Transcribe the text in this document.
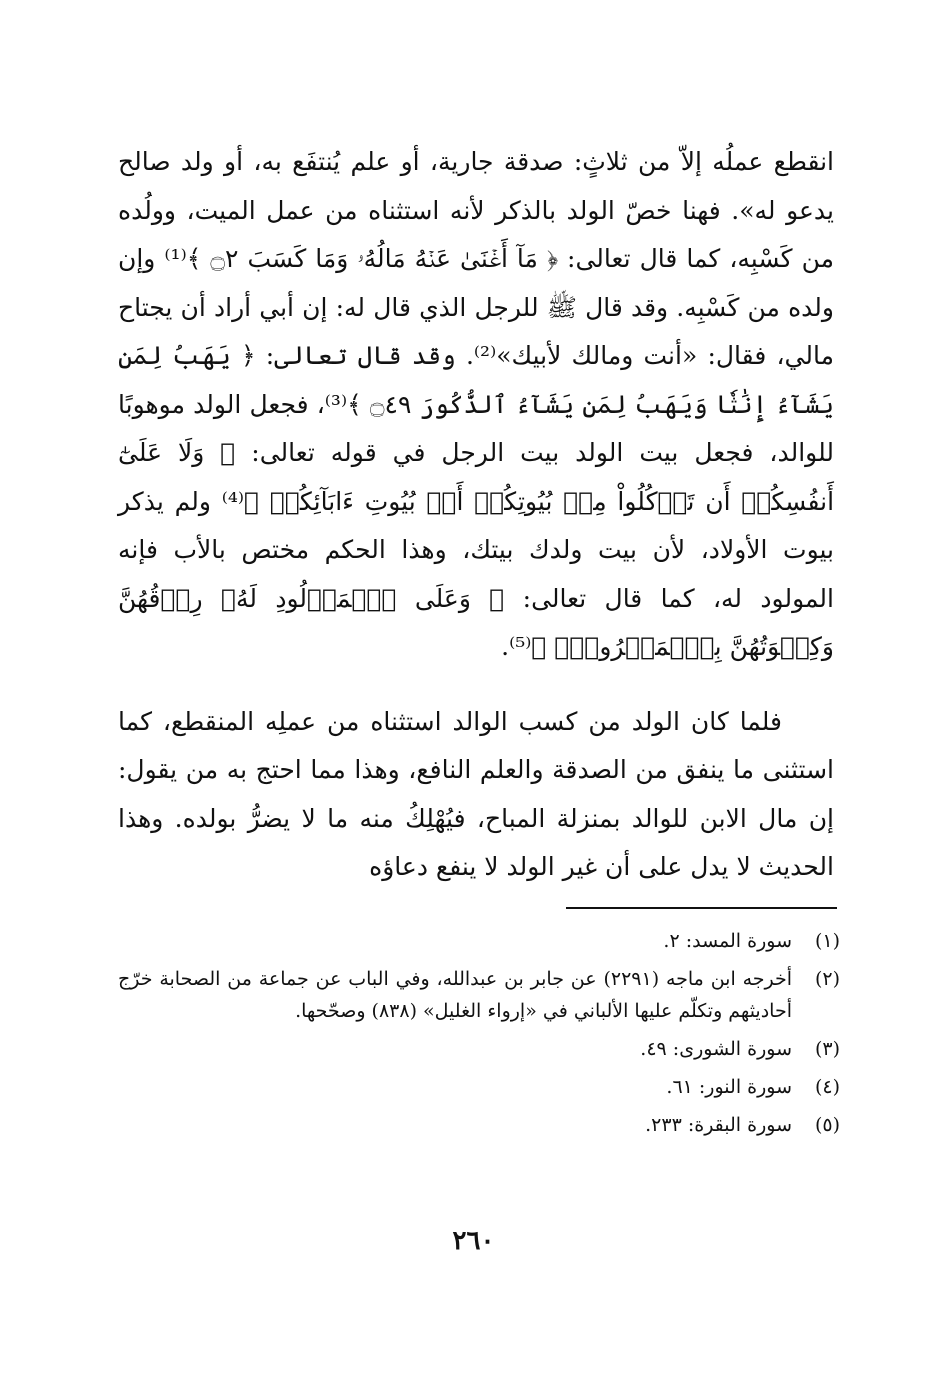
انقطع عملُه إلاّ من ثلاثٍ: صدقة جارية، أو علم يُنتفَع به، أو ولد صالح يدعو له». فهنا خصّ الولد بالذكر لأنه استثناه من عمل الميت، وولُده من كَسْبِه، كما قال تعالى: ﴿ مَآ أَغۡنَىٰ عَنۡهُ مَالُهُۥ وَمَا كَسَبَ ۝٢ ﴾⁽¹⁾ وإن ولده من كَسْبِه. وقد قال ﷺ للرجل الذي قال له: إن أبي أراد أن يجتاح مالي، فقال: «أنت ومالك لأبيك»⁽²⁾. وقد قال تعالى: ﴿ يَهَبُ لِمَن يَشَآءُ إِنَٰثٗا وَيَهَبُ لِمَن يَشَآءُ ٱلذُّكُورَ ۝٤٩ ﴾⁽³⁾، فجعل الولد موهوبًا للوالد، فجعل بيت الولد بيت الرجل في قوله تعالى: ﴿ وَلَا عَلَىٰٓ أَنفُسِكُمۡ أَن تَأۡكُلُواْ مِنۢ بُيُوتِكُمۡ أَوۡ بُيُوتِ ءَابَآئِكُمۡ ﴾⁽⁴⁾ ولم يذكر بيوت الأولاد، لأن بيت ولدك بيتك، وهذا الحكم مختص بالأب فإنه المولود له، كما قال تعالى: ﴿ وَعَلَى ٱلۡمَوۡلُودِ لَهُۥ رِزۡقُهُنَّ وَكِسۡوَتُهُنَّ بِٱلۡمَعۡرُوفِۚ ﴾⁽⁵⁾.

فلما كان الولد من كسب الوالد استثناه من عملِه المنقطع، كما استثنى ما ينفق من الصدقة والعلم النافع، وهذا مما احتج به من يقول: إن مال الابن للوالد بمنزلة المباح، فيُهْلِكُ منه ما لا يضرُّ بولده. وهذا الحديث لا يدل على أن غير الولد لا ينفع دعاؤه

(١)
سورة المسد: ٢.
(٢)
أخرجه ابن ماجه (٢٢٩١) عن جابر بن عبدالله، وفي الباب عن جماعة من الصحابة خرّج أحاديثهم وتكلّم عليها الألباني في «إرواء الغليل» (٨٣٨) وصحّحها.
(٣)
سورة الشورى: ٤٩.
(٤)
سورة النور: ٦١.
(٥)
سورة البقرة: ٢٣٣.
٢٦٠
